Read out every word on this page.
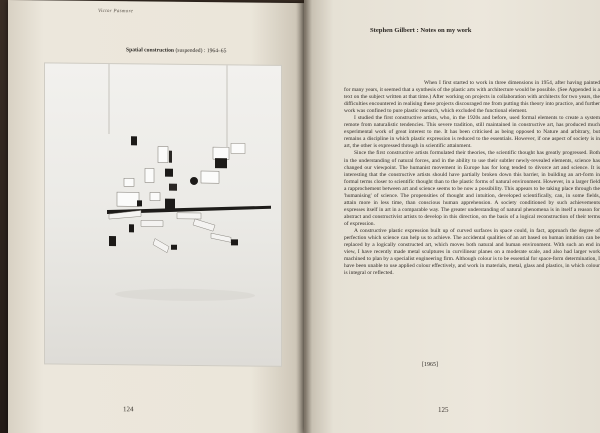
Victor Pasmore
Spatial construction (suspended) : 1964–65
124
Stephen Gilbert : Notes on my work

When I first started to work in three dimensions in 1954, after having painted for many years, it seemed that a synthesis of the plastic arts with architecture would be possible. (See Appended is a text on the subject written at that time.) After working on projects in collaboration with architects for two years, the difficulties encountered in realising these projects discouraged me from putting this theory into practice, and further work was confined to pure plastic research, which excluded the functional element.

I studied the first constructive artists, who, in the 1920s and before, used formal elements to create a system remote from naturalistic tendencies. This severe tradition, still maintained in constructive art, has produced much experimental work of great interest to me. It has been criticised as being opposed to Nature and arbitrary, but remains a discipline in which plastic expression is reduced to the essentials. However, if one aspect of society is in art, the other is expressed through in scientific attainment.

Since the first constructive artists formulated their theories, the scientific thought has greatly progressed. Both in the understanding of natural forces, and in the ability to use their subtler newly-revealed elements, science has changed our viewpoint. The humanist movement in Europe has for long tended to divorce art and science. It is interesting that the constructive artists should have partially broken down this barrier, in building an art-form in formal terms closer to scientific thought than to the plastic forms of natural environment. However, in a larger field a rapprochement between art and science seems to be now a possibility. This appears to be taking place through the 'humanising' of science. The propensities of thought and intuition, developed scientifically, can, in some fields, attain more in less time, than conscious human apprehension. A society conditioned by such achievements expresses itself in art in a comparable way. The greater understanding of natural phenomena is in itself a reason for abstract and constructivist artists to develop in this direction, on the basis of a logical reconstruction of their terms of expression.

A constructive plastic expression built up of curved surfaces in space could, in fact, approach the degree of perfection which science can help us to achieve. The accidental qualities of an art based on human intuition can be replaced by a logically constructed art, which moves both natural and human environment. With such an end in view, I have recently made metal sculptures in curvilinear planes on a moderate scale, and also had larger work machined to plan by a specialist engineering firm. Although colour is to be essential for space-form determination, I have been unable to use applied colour effectively, and work in materials, metal, glass and plastics, in which colour is integral or reflected.

[1965]
125
